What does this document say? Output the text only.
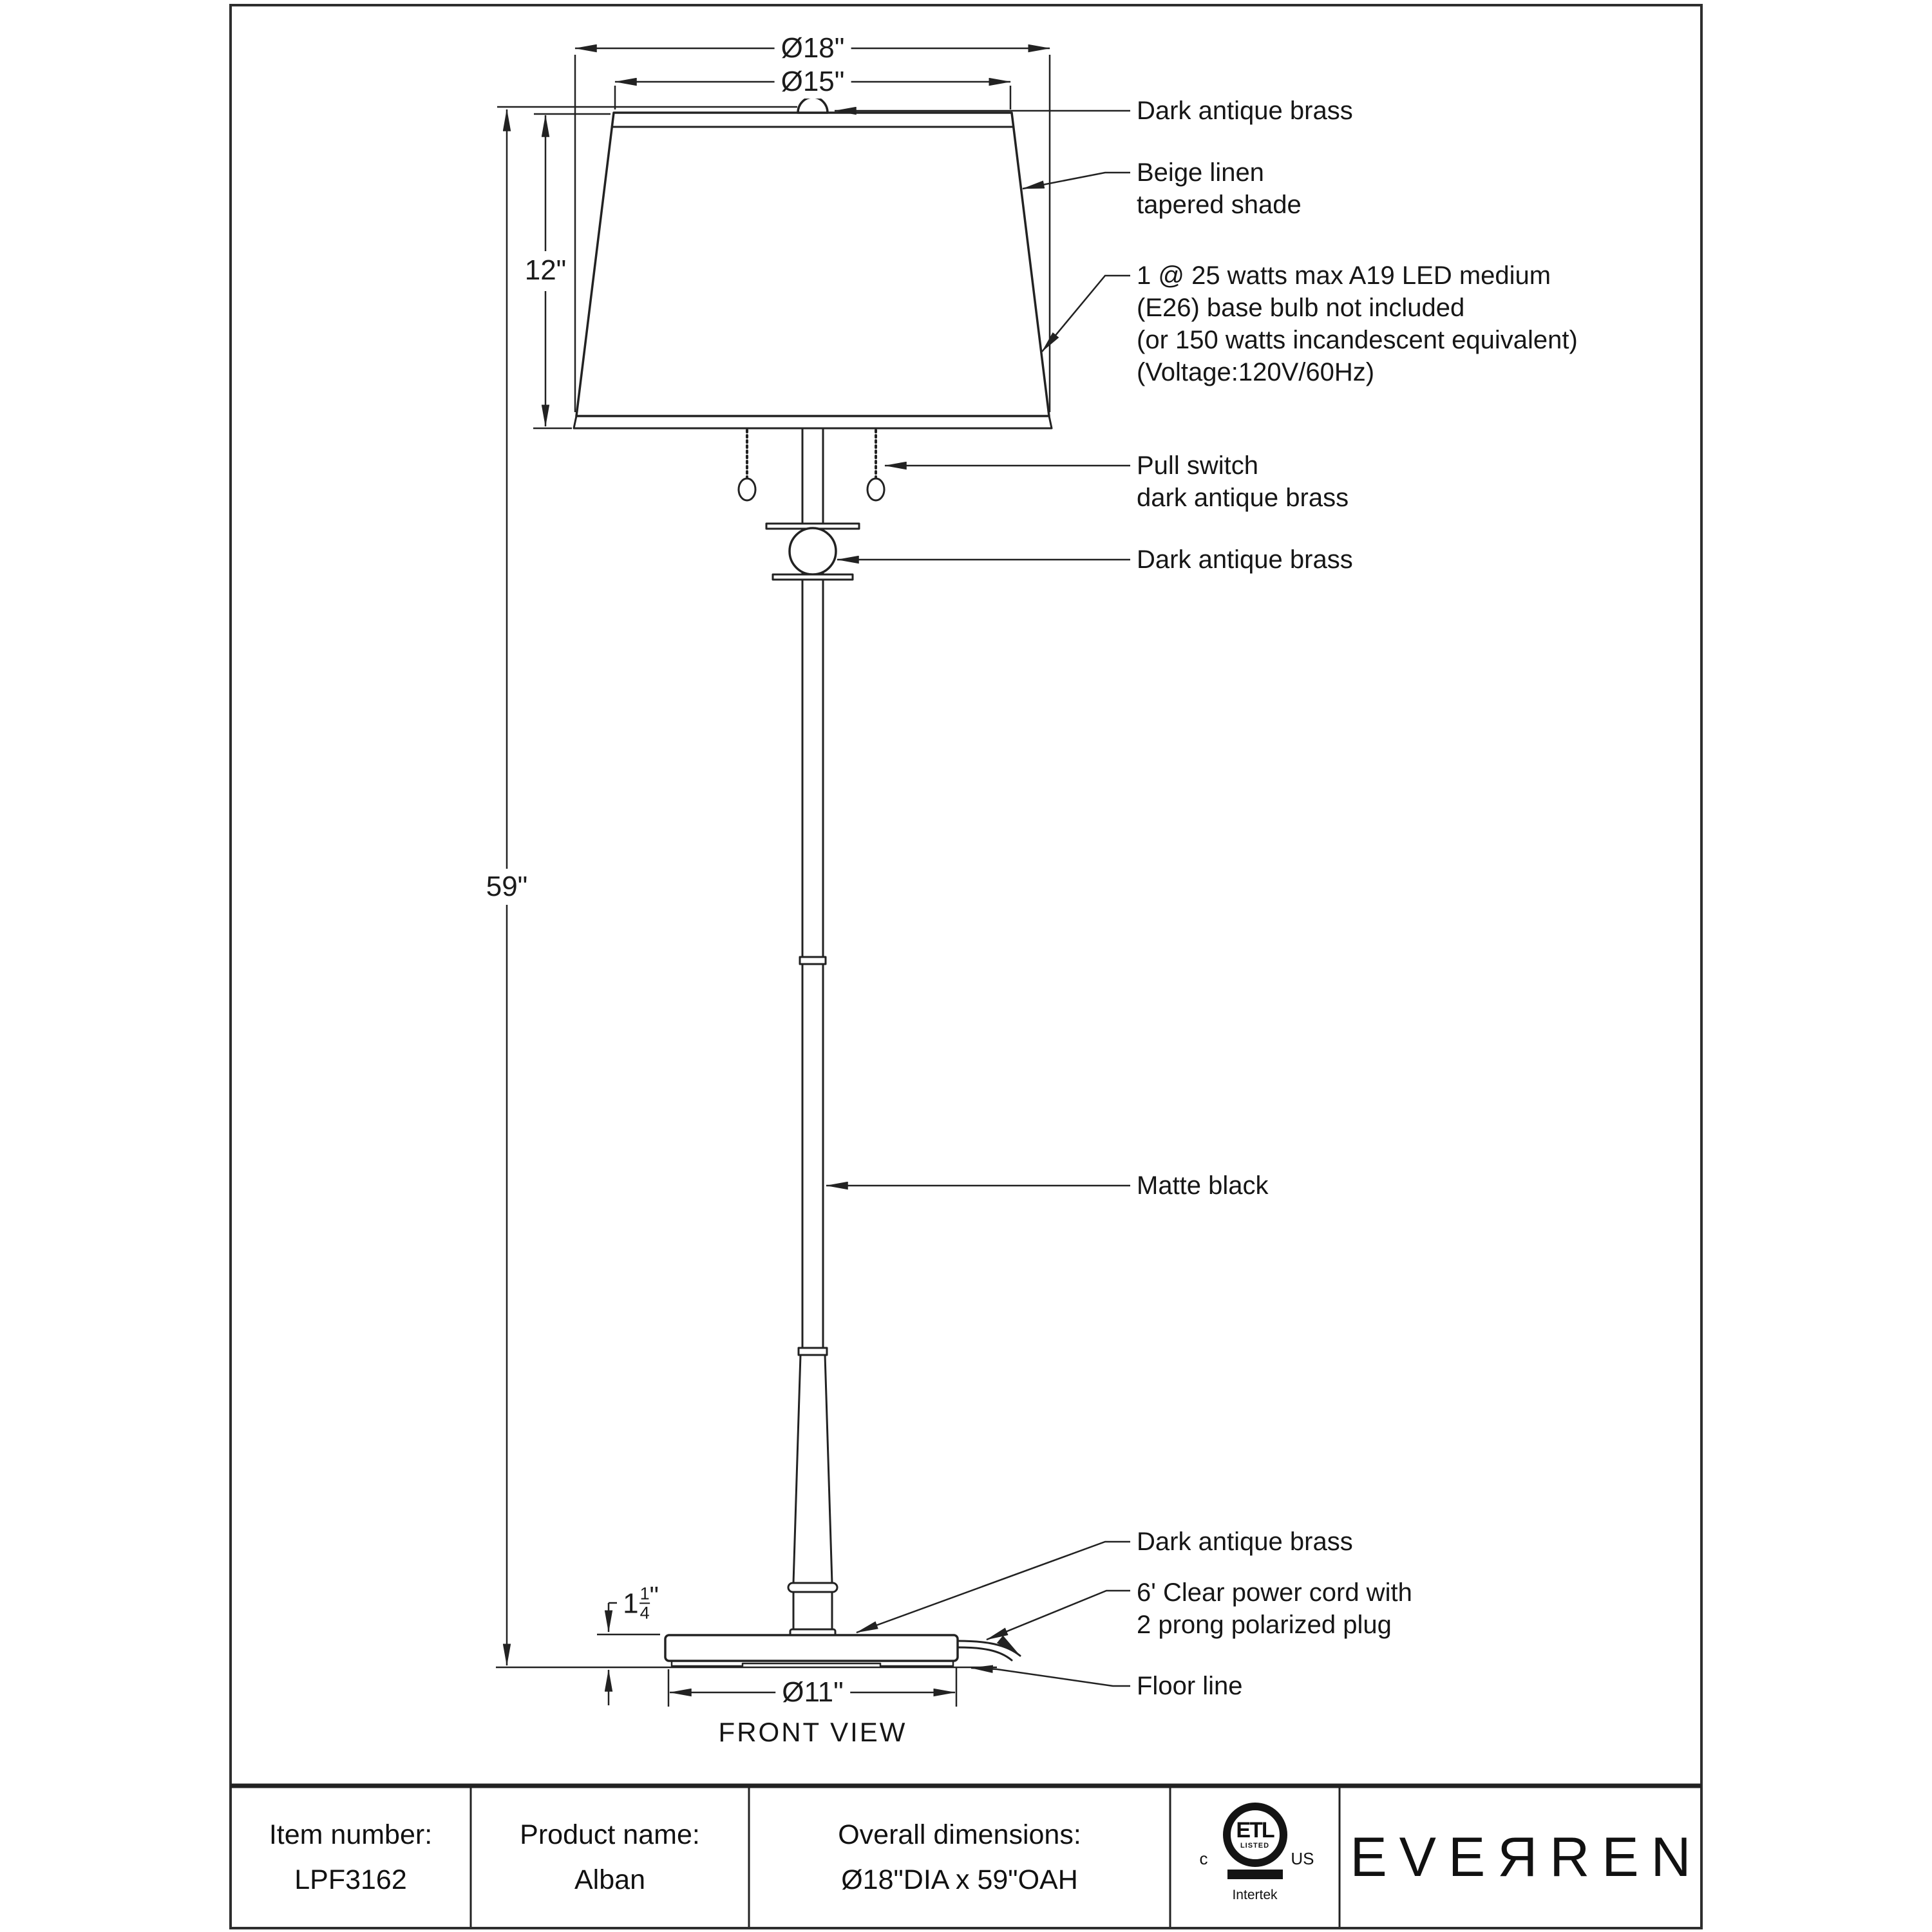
Ø18"
Ø15"
12"
59"
Ø11"
$1 \frac{1}{4}$ "
Dark antique brass
Beige linen
tapered shade
1 @ 25 watts max A19 LED medium
(E26) base bulb not included
(or 150 watts incandescent equivalent)
(Voltage:120V/60Hz)
Pull switch
dark antique brass
Dark antique brass
Matte black
Dark antique brass
6' Clear power cord with
2 prong polarized plug
Floor line
FRONT VIEW
Item number:
LPF3162
Product name:
Alban
Overall dimensions:
Ø18"DIA x 59"OAH
c	US
ETL
LISTED
Intertek
EVEЯREN
